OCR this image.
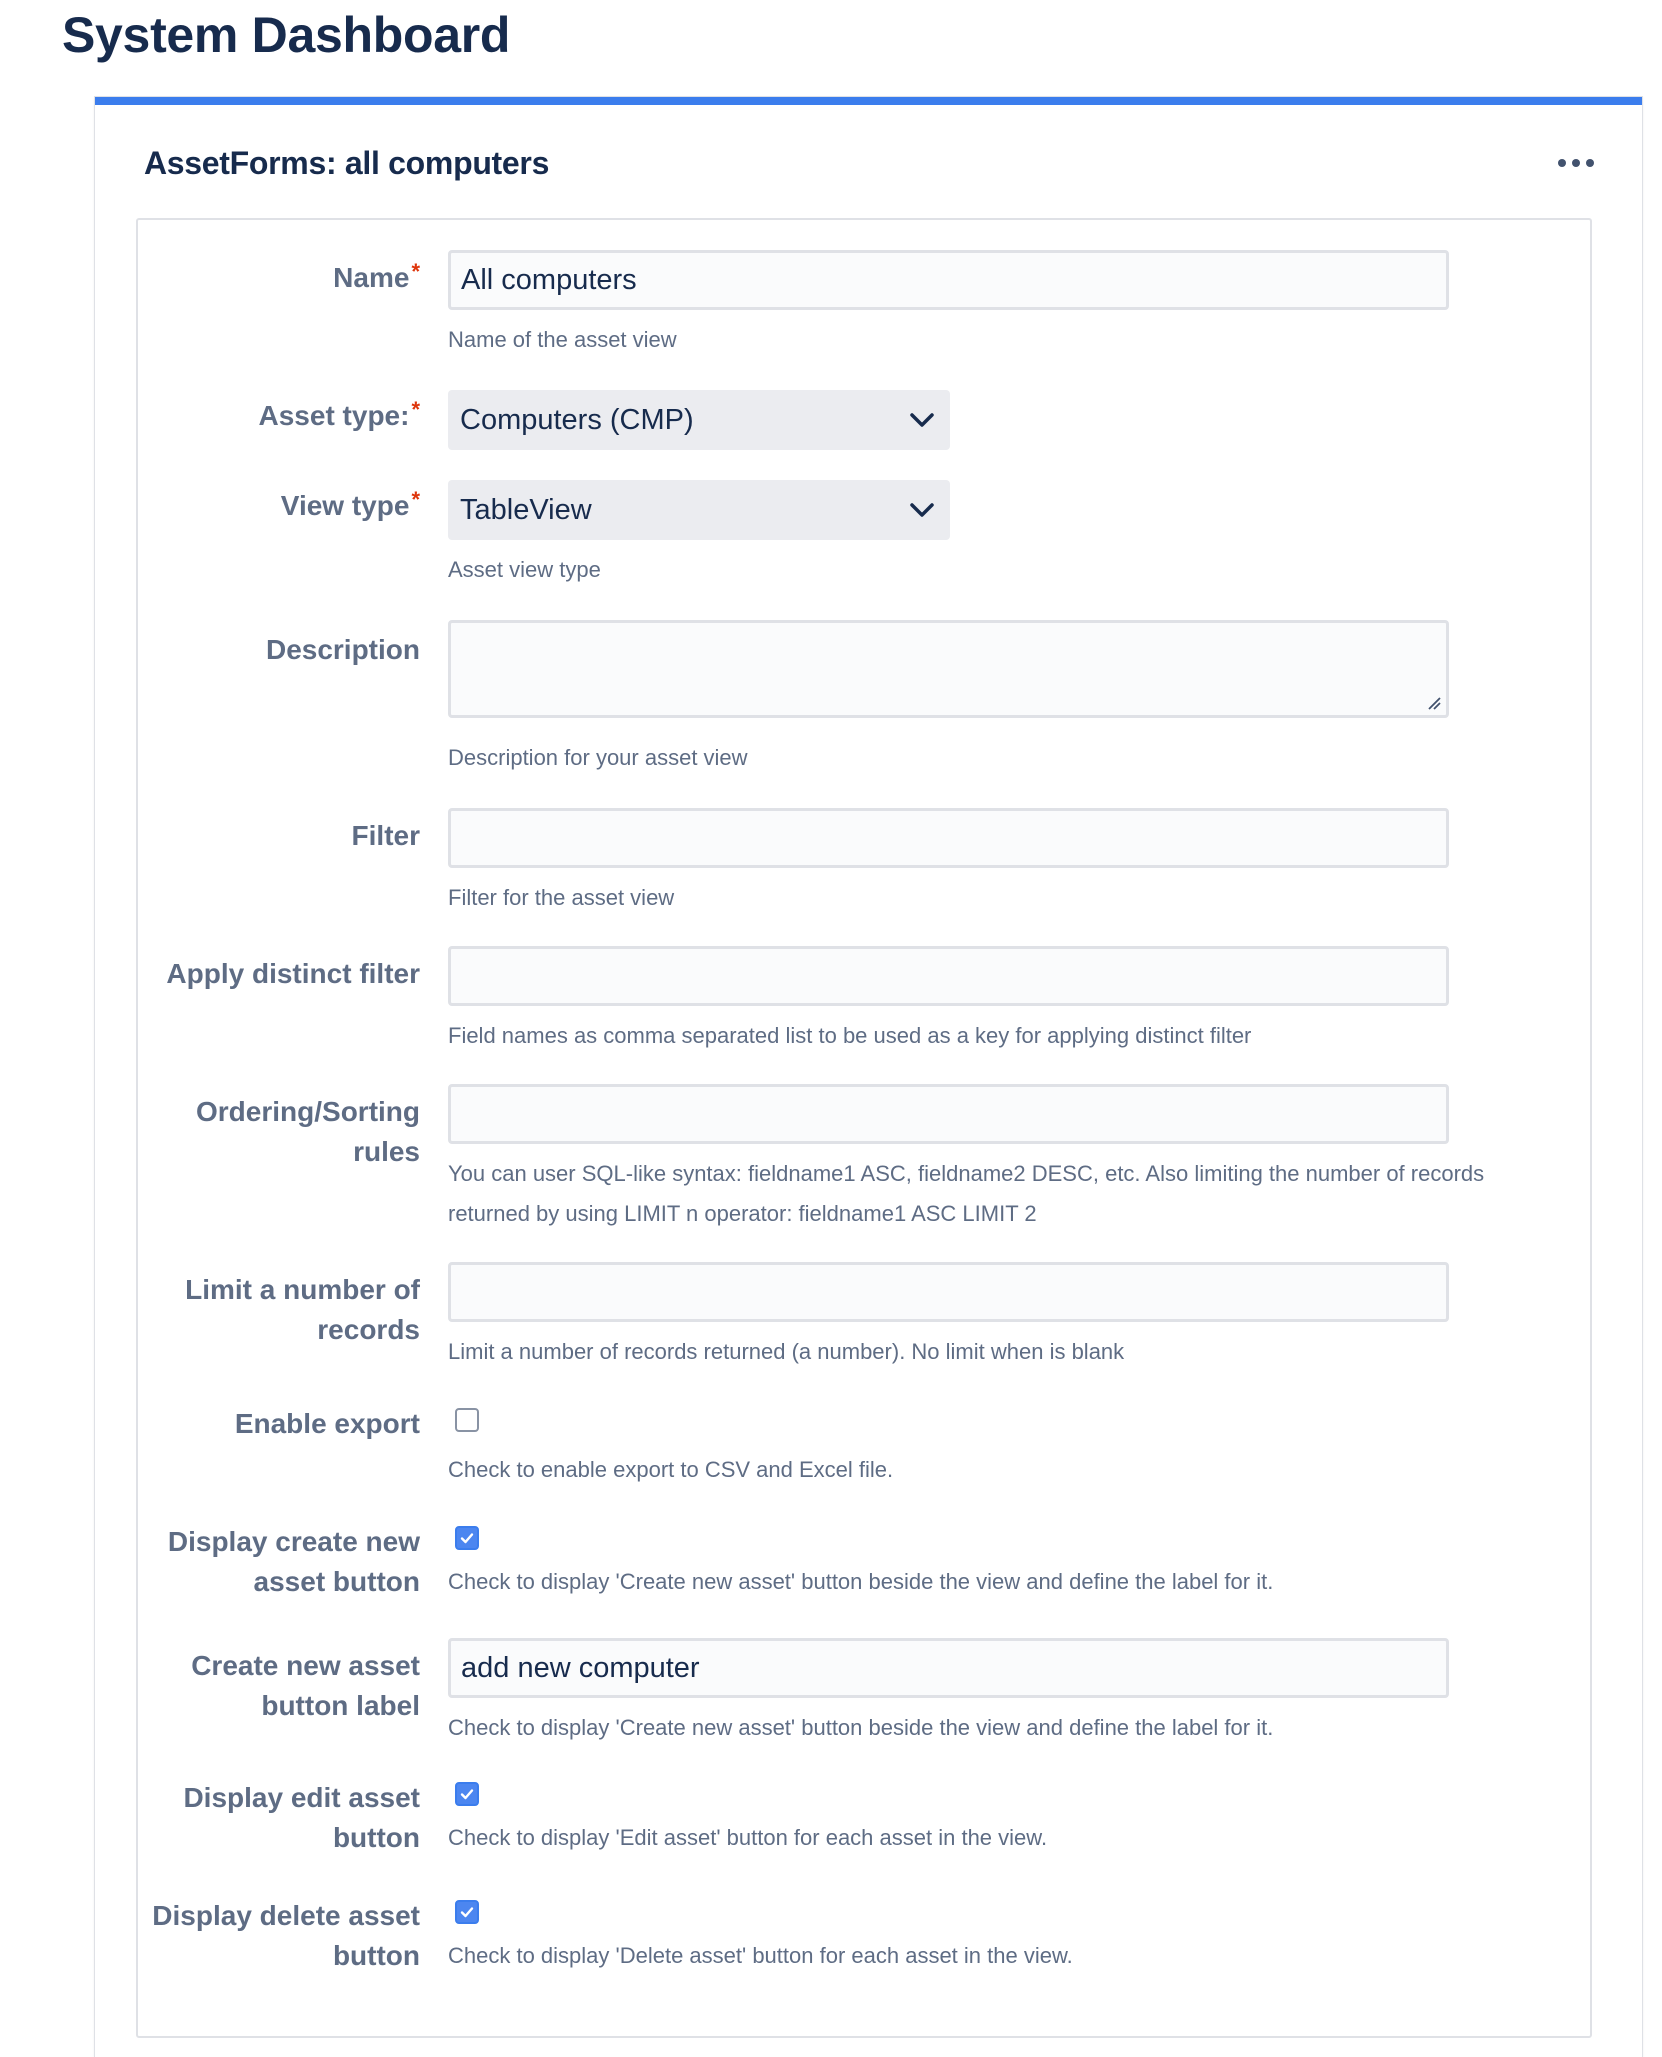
System Dashboard
AssetForms: all computers
Name*
All computers
Name of the asset view
Asset type:*	Computers (CMP)
View type*	TableView
Asset view type
Description
Description for your asset view
Filter
Filter for the asset view
Apply distinct filter
Field names as comma separated list to be used as a key for applying distinct filter
Ordering/Sorting
rules
You can user SQL-like syntax: fieldname1 ASC, fieldname2 DESC, etc. Also limiting the number of records
returned by using LIMIT n operator: fieldname1 ASC LIMIT 2
Limit a number of
records
Limit a number of records returned (a number). No limit when is blank
Enable export
Check to enable export to CSV and Excel file.
Display create new
asset button Check to display 'Create new asset' button beside the view and define the label for it.
Create new asset
button label
add new computer
Check to display 'Create new asset' button beside the view and define the label for it.
Display edit asset
button Check to display 'Edit asset' button for each asset in the view.
Display delete asset
button Check to display 'Delete asset' button for each asset in the view.
